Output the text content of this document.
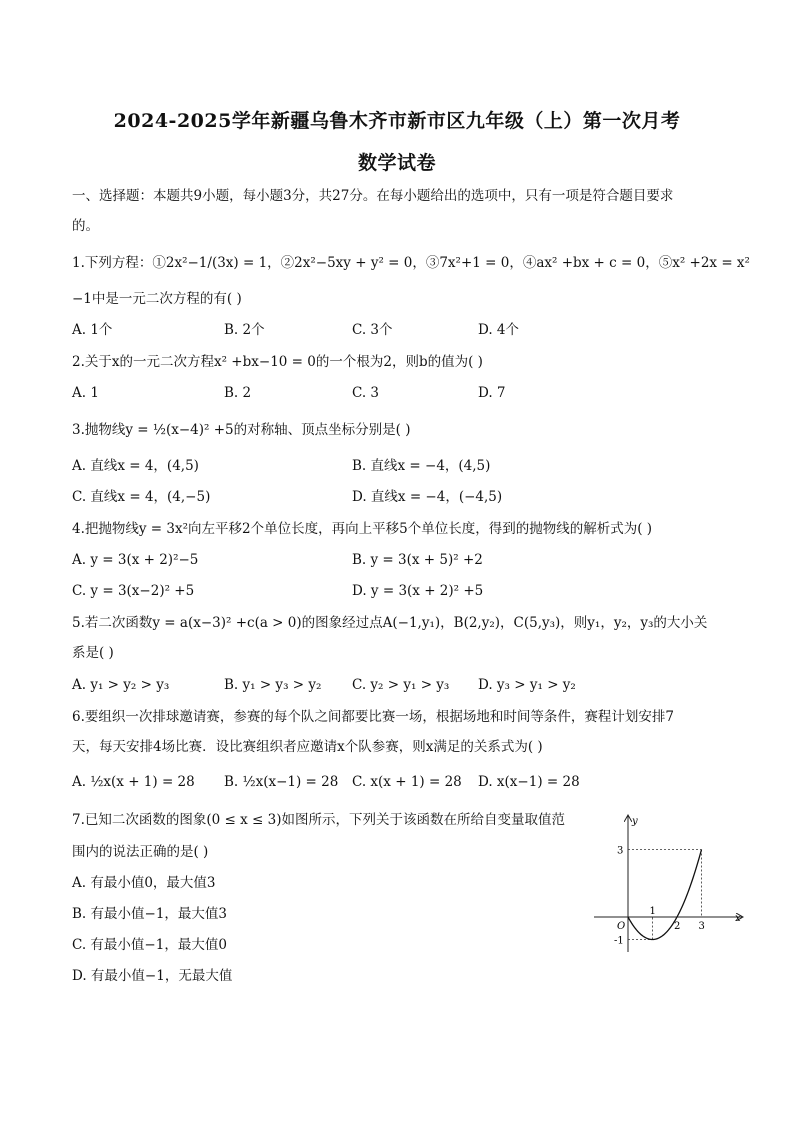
2024-2025学年新疆乌鲁木齐市新市区九年级（上）第一次月考
数学试卷
一、选择题：本题共9小题，每小题3分，共27分。在每小题给出的选项中，只有一项是符合题目要求
的。
1.下列方程：①2x²−1/(3x) = 1，②2x²−5xy + y² = 0，③7x²+1 = 0，④ax² +bx + c = 0，⑤x² +2x = x²
−1中是一元二次方程的有( )
A. 1个	B. 2个	C. 3个	D. 4个
2.关于x的一元二次方程x² +bx−10 = 0的一个根为2，则b的值为( )
A. 1	B. 2	C. 3	D. 7
3.抛物线y = ½(x−4)² +5的对称轴、顶点坐标分别是( )
A. 直线x = 4，(4,5)	B. 直线x = −4，(4,5)
C. 直线x = 4，(4,−5)	D. 直线x = −4，(−4,5)
4.把抛物线y = 3x²向左平移2个单位长度，再向上平移5个单位长度，得到的抛物线的解析式为( )
A. y = 3(x + 2)²−5	B. y = 3(x + 5)² +2
C. y = 3(x−2)² +5	D. y = 3(x + 2)² +5
5.若二次函数y = a(x−3)² +c(a > 0)的图象经过点A(−1,y₁)，B(2,y₂)，C(5,y₃)，则y₁，y₂，y₃的大小关
系是( )
A. y₁ > y₂ > y₃	B. y₁ > y₃ > y₂ C. y₂ > y₁ > y₃ D. y₃ > y₁ > y₂
6.要组织一次排球邀请赛，参赛的每个队之间都要比赛一场，根据场地和时间等条件，赛程计划安排7
天，每天安排4场比赛．设比赛组织者应邀请x个队参赛，则x满足的关系式为( )
A. ½x(x + 1) = 28 B. ½x(x−1) = 28 C. x(x + 1) = 28 D. x(x−1) = 28
7.已知二次函数的图象(0 ≤ x ≤ 3)如图所示，下列关于该函数在所给自变量取值范
围内的说法正确的是( )
A. 有最小值0，最大值3
B. 有最小值−1，最大值3
C. 有最小值−1，最大值0
D. 有最小值−1，无最大值
x
y
O
1
2 3
3
-1
